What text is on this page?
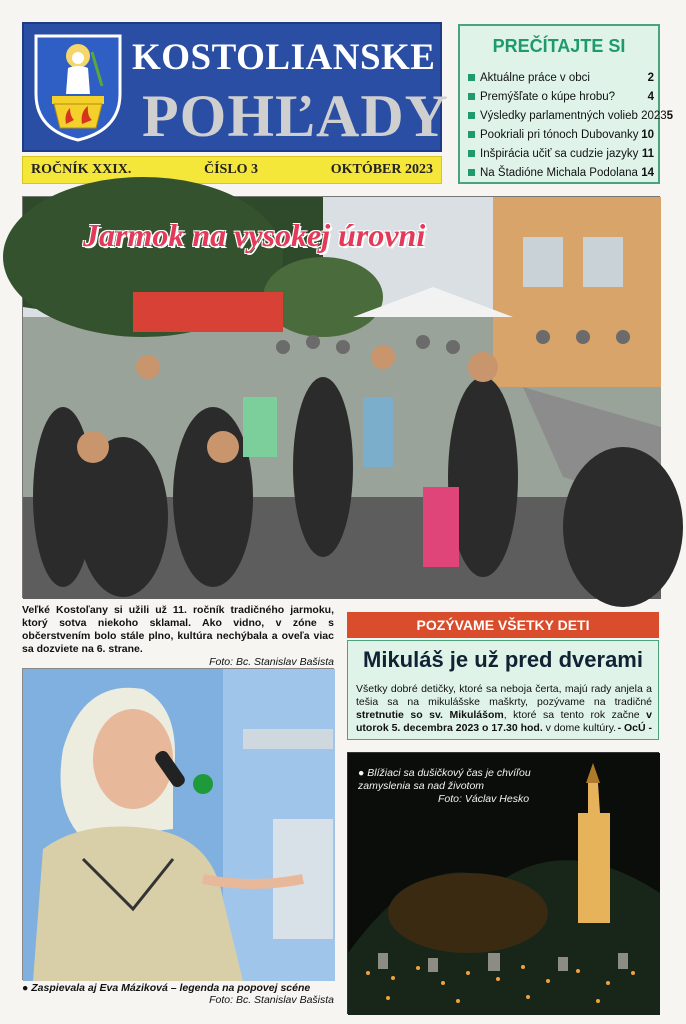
KOSTOLIANSKE
POHĽADY
ROČNÍK XXIX.	ČÍSLO 3	OKTÓBER 2023
PREČÍTAJTE SI
Aktuálne práce v obci	2
Premýšľate o kúpe hrobu?	4
Výsledky parlamentných volieb 2023 5
Pookriali pri tónoch Dubovanky 10
Inšpirácia učiť sa cudzie jazyky 11
Na Štadióne Michala Podolana 14
Jarmok na vysokej úrovni
Veľké Kostoľany si užili už 11. ročník tradičného jarmoku, ktorý sotva niekoho sklamal. Ako vidno, v zóne s občerstvením bolo stále plno, kultúra nechýbala a oveľa viac sa dozviete na 6. strane.
Foto: Bc. Stanislav Bašista
POZÝVAME VŠETKY DETI
Mikuláš je už pred dverami
Všetky dobré detičky, ktoré sa neboja čerta, majú rady anjela a tešia sa na mikulášske maškrty, pozývame na tradičné stretnutie so sv. Mikulášom, ktoré sa tento rok začne v utorok 5. decembra 2023 o 17.30 hod. v dome kultúry. - OcÚ -
● Zaspievala aj Eva Máziková – legenda na popovej scéne
Foto: Bc. Stanislav Bašista
● Blížiaci sa dušičkový čas je chvíľou zamyslenia sa nad životom
Foto: Václav Hesko
